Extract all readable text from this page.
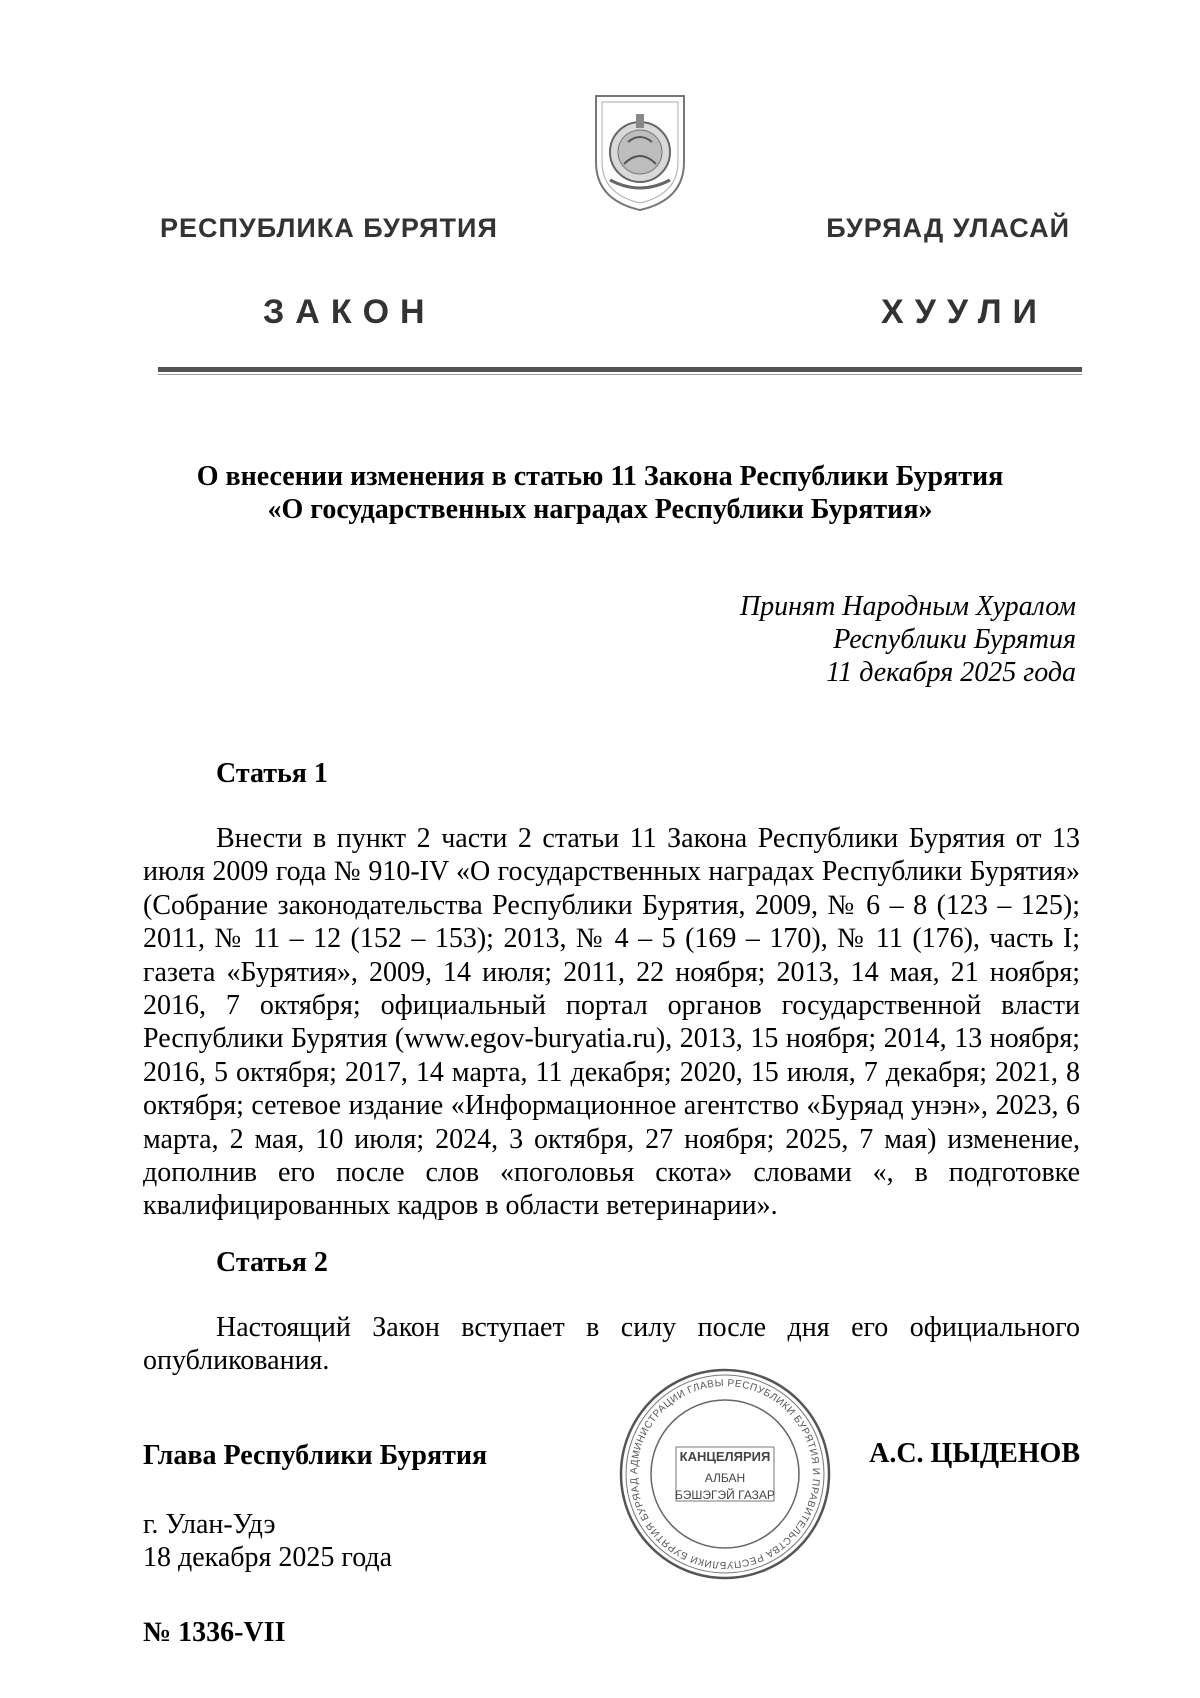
РЕСПУБЛИКА БУРЯТИЯ	БУРЯАД УЛАСАЙ
ЗАКОН	ХУУЛИ
О внесении изменения в статью 11 Закона Республики Бурятия
«О государственных наградах Республики Бурятия»
Принят Народным Хуралом
Республики Бурятия
11 декабря 2025 года
Статья 1
Внести в пункт 2 части 2 статьи 11 Закона Республики Бурятия от 13 июля 2009 года № 910-IV «О государственных наградах Республики Бурятия» (Собрание законодательства Республики Бурятия, 2009, № 6 – 8 (123 – 125); 2011, № 11 – 12 (152 – 153); 2013, № 4 – 5 (169 – 170), № 11 (176), часть I; газета «Бурятия», 2009, 14 июля; 2011, 22 ноября; 2013, 14 мая, 21 ноября; 2016, 7 октября; официальный портал органов государственной власти Республики Бурятия (www.egov-buryatia.ru), 2013, 15 ноября; 2014, 13 ноября; 2016, 5 октября; 2017, 14 марта, 11 декабря; 2020, 15 июля, 7 декабря; 2021, 8 октября; сетевое издание «Информационное агентство «Буряад унэн», 2023, 6 марта, 2 мая, 10 июля; 2024, 3 октября, 27 ноября; 2025, 7 мая) изменение, дополнив его после слов «поголовья скота» словами «, в подготовке квалифицированных кадров в области ветеринарии».
Статья 2
Настоящий Закон вступает в силу после дня его официального опубликования.
Глава Республики Бурятия	АДМИНИСТРАЦИИ ГЛАВЫ РЕСПУБЛИКИ БУРЯТИЯ И ПРАВИТЕЛЬСТВА РЕСПУБЛИКИ БУРЯТИЯ БУРЯАД
КАНЦЕЛЯРИЯ
АЛБАН
БЭШЭГЭЙ ГАЗАР
А.С. ЦЫДЕНОВ
г. Улан-Удэ
18 декабря 2025 года
№ 1336-VII
